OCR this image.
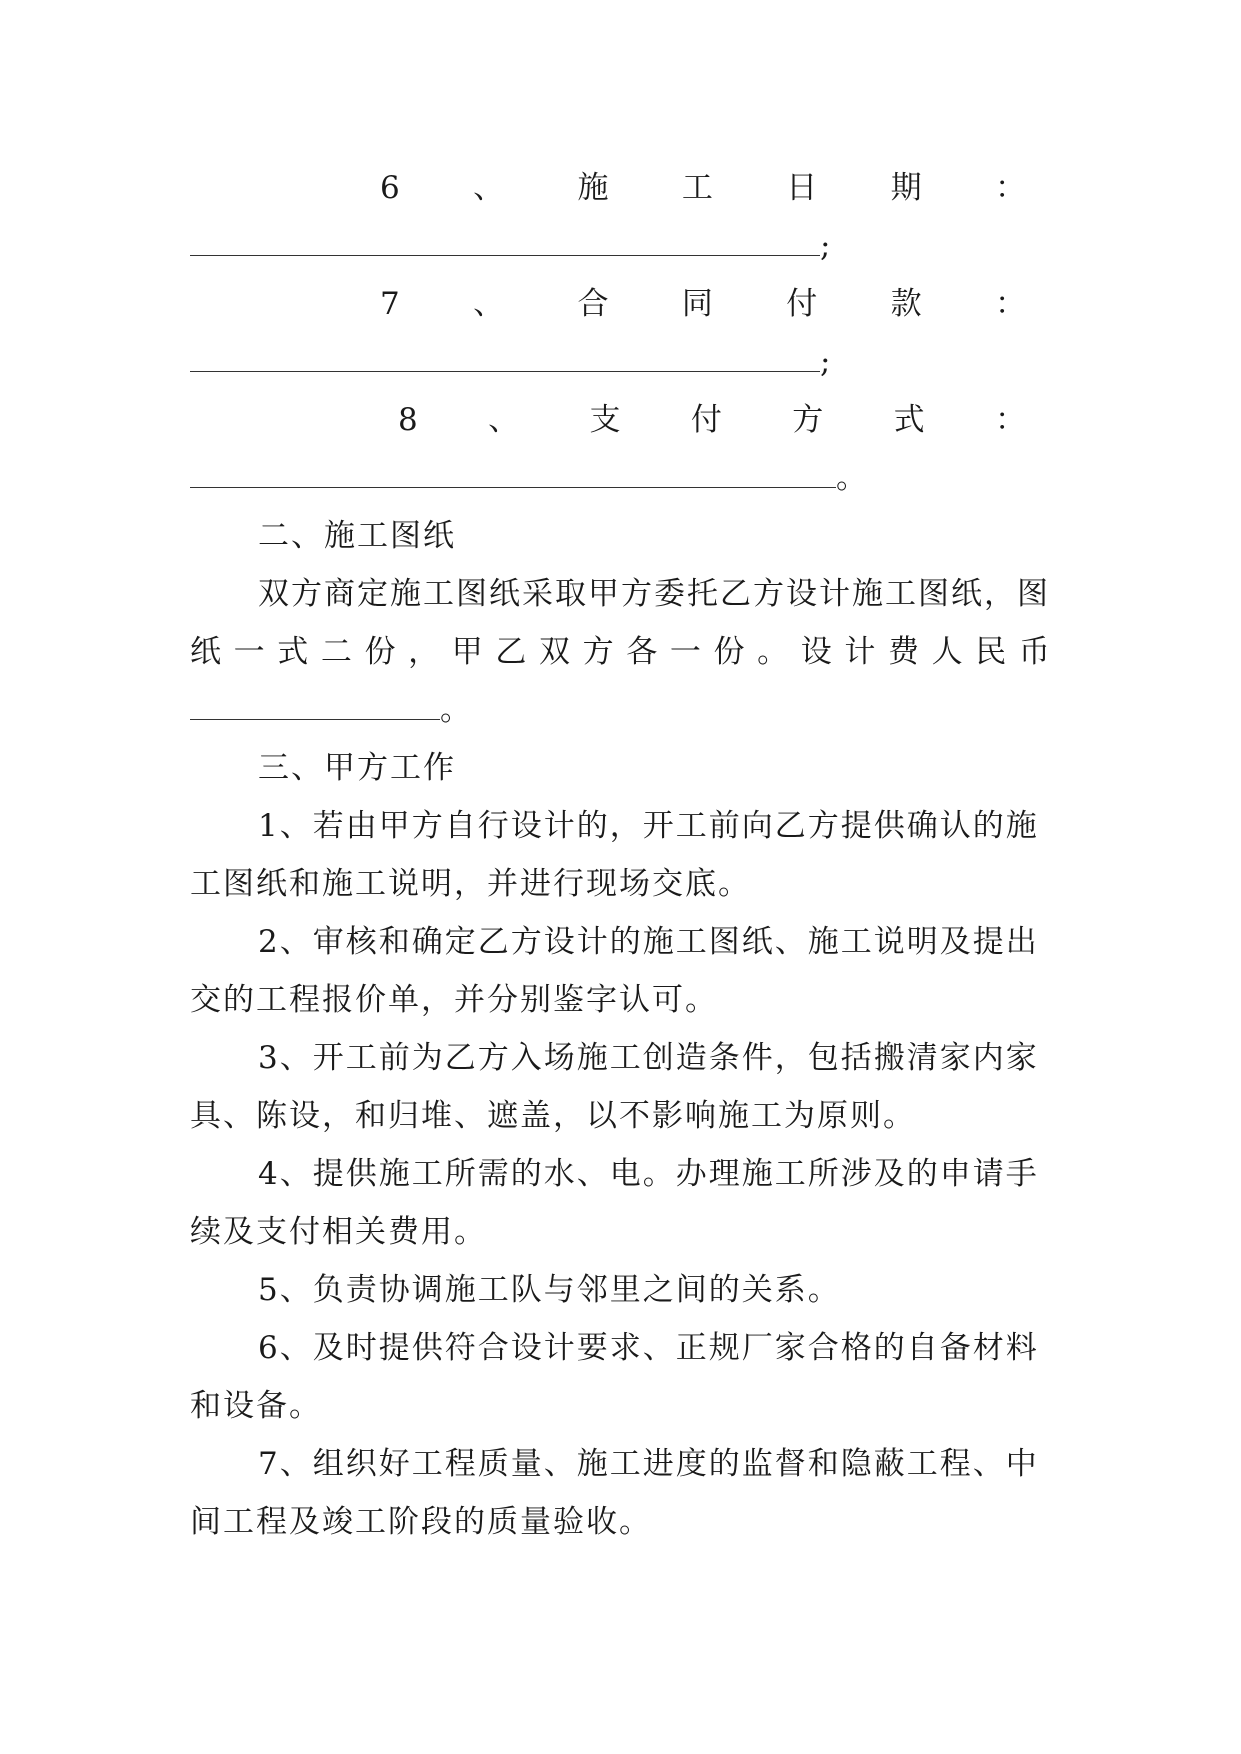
6 、 施 工 日 期 ：
;
7 、 合 同 付 款 ：
;
8 、 支 付 方 式 ：
。
二、施工图纸
双方商定施工图纸采取甲方委托乙方设计施工图纸，图
纸 一 式 二 份 ， 甲 乙 双 方 各 一 份 。 设 计 费 人 民 币
。
三、甲方工作
1、若由甲方自行设计的，开工前向乙方提供确认的施
工图纸和施工说明，并进行现场交底。
2、审核和确定乙方设计的施工图纸、施工说明及提出
交的工程报价单，并分别鉴字认可。
3、开工前为乙方入场施工创造条件，包括搬清家内家
具、陈设，和归堆、遮盖，以不影响施工为原则。
4、提供施工所需的水、电。办理施工所涉及的申请手
续及支付相关费用。
5、负责协调施工队与邻里之间的关系。
6、及时提供符合设计要求、正规厂家合格的自备材料
和设备。
7、组织好工程质量、施工进度的监督和隐蔽工程、中
间工程及竣工阶段的质量验收。
